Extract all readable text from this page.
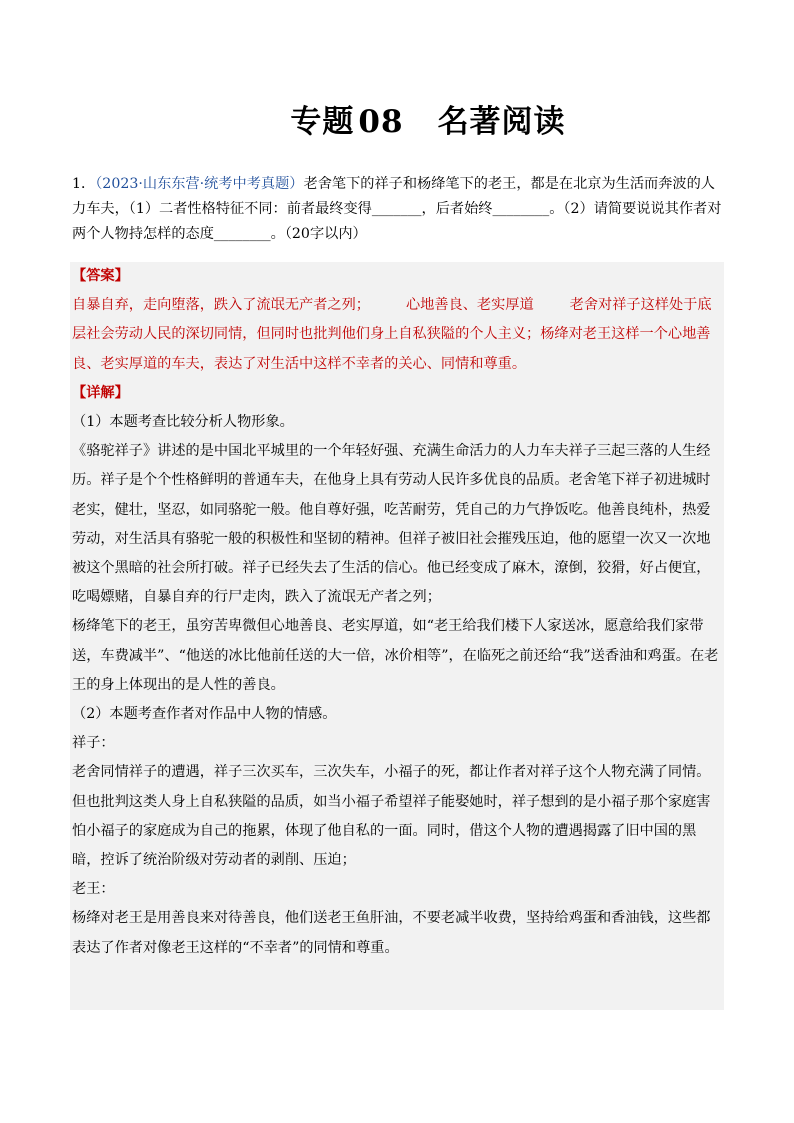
专题 08 名著阅读
1．（2023·山东东营·统考中考真题）老舍笔下的祥子和杨绛笔下的老王，都是在北京为生活而奔波的人力车夫，（1）二者性格特征不同：前者最终变得_______，后者始终________。（2）请简要说说其作者对两个人物持怎样的态度________。（20字以内）
【答案】
自暴自弃，走向堕落，跌入了流氓无产者之列；	心地善良、老实厚道	老舍对祥子这样处于底层社会劳动人民的深切同情，但同时也批判他们身上自私狭隘的个人主义；杨绛对老王这样一个心地善良、老实厚道的车夫，表达了对生活中这样不幸者的关心、同情和尊重。
【详解】
（1）本题考查比较分析人物形象。
《骆驼祥子》讲述的是中国北平城里的一个年轻好强、充满生命活力的人力车夫祥子三起三落的人生经历。祥子是个个性格鲜明的普通车夫，在他身上具有劳动人民许多优良的品质。老舍笔下祥子初进城时老实，健壮，坚忍，如同骆驼一般。他自尊好强，吃苦耐劳，凭自己的力气挣饭吃。他善良纯朴，热爱劳动，对生活具有骆驼一般的积极性和坚韧的精神。但祥子被旧社会摧残压迫，他的愿望一次又一次地被这个黑暗的社会所打破。祥子已经失去了生活的信心。他已经变成了麻木，潦倒，狡猾，好占便宜，吃喝嫖赌，自暴自弃的行尸走肉，跌入了流氓无产者之列；
杨绛笔下的老王，虽穷苦卑微但心地善良、老实厚道，如“老王给我们楼下人家送冰，愿意给我们家带送，车费减半”、“他送的冰比他前任送的大一倍，冰价相等”，在临死之前还给“我”送香油和鸡蛋。在老王的身上体现出的是人性的善良。
（2）本题考查作者对作品中人物的情感。
祥子：
老舍同情祥子的遭遇，祥子三次买车，三次失车，小福子的死，都让作者对祥子这个人物充满了同情。但也批判这类人身上自私狭隘的品质，如当小福子希望祥子能娶她时，祥子想到的是小福子那个家庭害怕小福子的家庭成为自己的拖累，体现了他自私的一面。同时，借这个人物的遭遇揭露了旧中国的黑暗，控诉了统治阶级对劳动者的剥削、压迫；
老王：
杨绛对老王是用善良来对待善良，他们送老王鱼肝油，不要老减半收费，坚持给鸡蛋和香油钱，这些都表达了作者对像老王这样的“不幸者”的同情和尊重。
